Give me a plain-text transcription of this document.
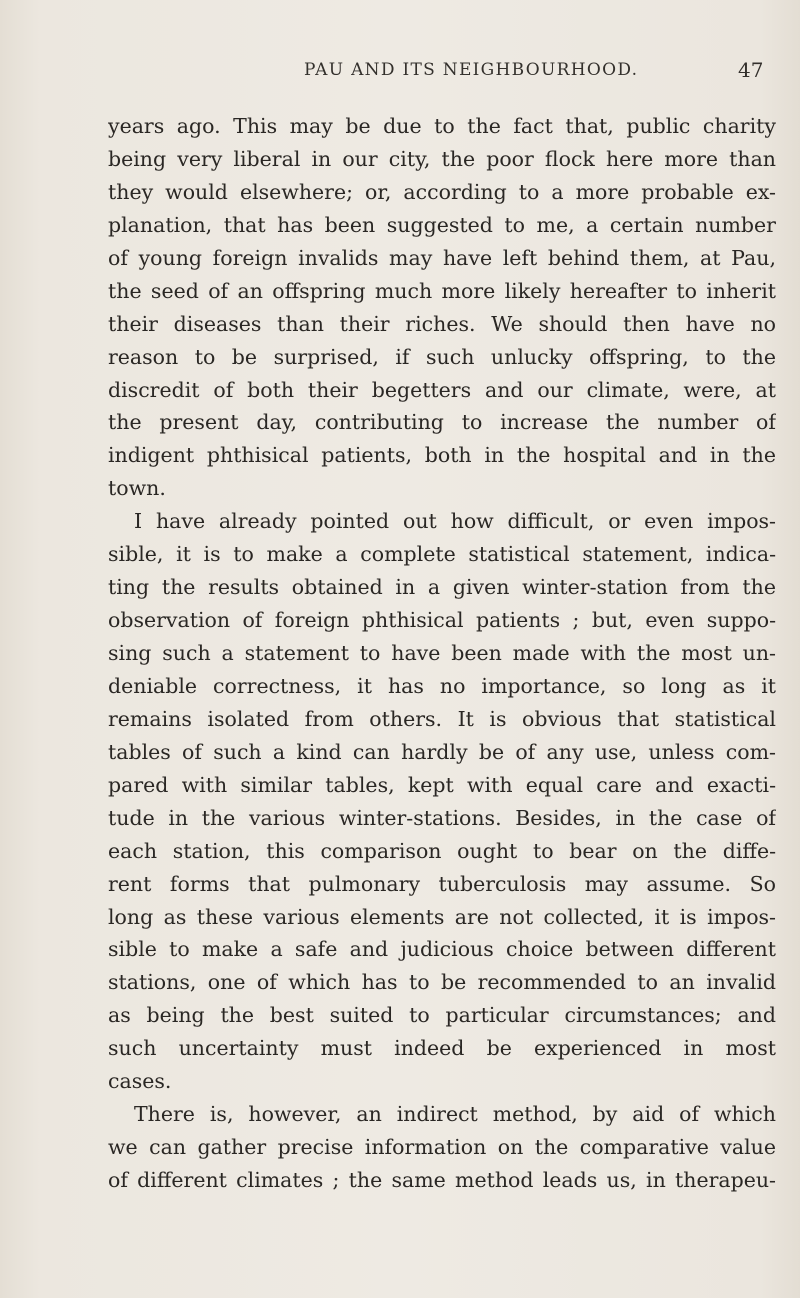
PAU AND ITS NEIGHBOURHOOD.	47
years ago. This may be due to the fact that, public charity
being very liberal in our city, the poor flock here more than
they would elsewhere; or, according to a more probable ex-
planation, that has been suggested to me, a certain number
of young foreign invalids may have left behind them, at Pau,
the seed of an offspring much more likely hereafter to inherit
their diseases than their riches. We should then have no
reason to be surprised, if such unlucky offspring, to the
discredit of both their begetters and our climate, were, at
the present day, contributing to increase the number of
indigent phthisical patients, both in the hospital and in the
town.
I have already pointed out how difficult, or even impos-
sible, it is to make a complete statistical statement, indica-
ting the results obtained in a given winter-station from the
observation of foreign phthisical patients ; but, even suppo-
sing such a statement to have been made with the most un-
deniable correctness, it has no importance, so long as it
remains isolated from others. It is obvious that statistical
tables of such a kind can hardly be of any use, unless com-
pared with similar tables, kept with equal care and exacti-
tude in the various winter-stations. Besides, in the case of
each station, this comparison ought to bear on the diffe-
rent forms that pulmonary tuberculosis may assume. So
long as these various elements are not collected, it is impos-
sible to make a safe and judicious choice between different
stations, one of which has to be recommended to an invalid
as being the best suited to particular circumstances; and
such uncertainty must indeed be experienced in most
cases.
There is, however, an indirect method, by aid of which
we can gather precise information on the comparative value
of different climates ; the same method leads us, in therapeu-
